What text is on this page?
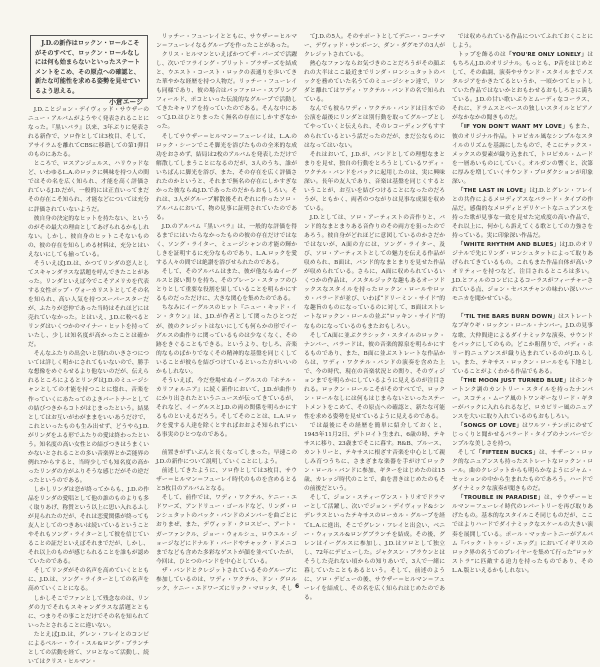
J.D.の新作はロックン・ロールこそがそのすべて、ロックン・ロールなしには何も始まらないといったステートメントをこめ、その原点への確認と、新たな可能性を求める姿勢を見せているよう思える。

小倉エージ

J.D.ことジョン・デイヴィッド・サウザーのニュー・アルバムがようやく発表されることになった。『黒いバラ』以来、3年ぶりに発表される新作で、ソロ作としては3枚目、そして、アサイラムを離れてCBSに移籍しての第1弾目のものにあたる。

ところで、ロスアンジェルス、ハリウッドなど、いわゆるL.A.のロックに興味を持つ人の間ではその名を広く知られ、才能を高く評価されているJ.D.だが、一般的には正直いってまだその存在こそ知られ、才能などについては充分に評価されていないようだ。

彼自身の決定的なヒットを持たない、というのがその最大の理由としてあげられるかもしれない。しかし、彼自身のヒットこそないものの、彼の存在を知らしめる材料は、充分とはいえないにしても揃っている。

そういえばJ.D.は、かつてリンダの恋人としてスキャンダラスな話題を呼んできたことがあった。リンダといえば今でこそアメリカを代表する女性ポップ・ヴォーカリストとしてその名を知られ、高い人気を持つスーパースターだが、ふたりが恋仲であった当時はそれほどには売れていなかった。とはいえ、J.D.に較べるとリンダはいくつかのマイナー・ヒットを持っていたし、少しは知名度が高かったことは確かだ。

そんなふたりの出会いと別れのいきさつについては詳しく明かにされてもいないので、勝手な想像をめぐらせるより他ないのだが、伝えられるところによるとリンダはJ.D.のミュージシャンとしての才能を持つことに惚れ、音楽を作っていくにあたってのよきパートナーとしての結びつきからコトがはじまったという。結果としてはお互いがわがままをいいあうだけで、これといったものも生み出せず、どうやらJ.D.がリンダをふる形でふたりの愛は終わったという。知名度の高い女性との結びつきはうまくいかないとされることの多い音楽界とか芸能界の例れ?からすると、当時少しでも知名度の高かったリンダの方がふりそうな感じだがその逆だったというのである。

しかしリンダは恋が終ってからも、J.D.の作品をリンダの愛唱として他の誰のものよりも多く取りあげ、称賛という以上に思い入れるふしが見られたのだが、それは恋愛関係が終っても友人としてのつきあいは続いているということやそれもソング・ライターとして彼を信じていることの証だといえばそれまでだが、しかし、それ以上のものが感じられることを誰もが認めていたのである。

そしてリンダがその名声を高めていくとともに、J.D.は、ソング・ライターとしての名声を高めていくことになる。

しかしそこでファンとして残念なのは、リンダの力でそれもスキャンダラスな話題とともに、つまりその事ことだけでその名を知られていったとされることに違いない。

たとえばJ.D.は、グレン・フレイとのコンビによるベルー・ウイ・スル&ロング・ブランチとしての活動を経て、ソロとなって活動し、続いてはクリス・ヒルマン・

リッチー・フューレイとともに、サウザー＝ヒルマン＝フューレイなるグループを作ったことがあった。

クリス・ヒルマンといえばかつてザ・バーズで活躍し、次いでフライング・ブリット・ブラザーズを結成と、ウエスト・コースト・ロックの表通りを歩いてきた華やかな経歴を持つ人物だ。リッチー・フューレイも同様であり、彼の場合はバッファロー・スプリングフィールド、ポコといった伝説的なグループで活動してきたキャリアを持っていたのである。そんな中にあってJ.D.はひとりまったく無名の存在にしかすぎなかった。

そしてサウザー＝ヒルマン＝フューレイは、L.A.のロック・シーンでこそ脚光を浴びたものの全米的な成功をおさめず、結局は2枚のアルバムを発表しただけで解散してしまうことになるのだが、3人のうち、誰がいちばんに脚光を浴び、また、その存在を広く評価されたのかというと、それまで無名の存在にしかすぎなかった彼ならぬJ.D.であったのだからおもしろい。それは、3人がグループ解散後それぞれに作ったソロ・アルバムにおいて、物の見事に証明されていたのである。

J.D.のアルバム『黒いバラ』は、一般的な評価を得るまでにはいたらなかったものの彼の存在だけではなく、ソング・ライター、ミュージシャンの才能の輝かしきを証明するに充分なものであり、L.A.ロックを愛する人々の間では絶讃を浴びせられたのである。

そして、そのアルバムはまた、彼が他ならぬイーグルスと深い関りを持ち、そのブレーン・スタッフのひとりとして重要な役割を果していることを明らかにするものだっただけに、大きな関心を集めたのである。

ちなみにイーグルスのヒット『ニュー・キッド・イン・タウン』は、J.D.が作者として関ったひとつだが、彼のクレジットはないにしても何らかの形でイーグルスの曲作りに関っているものは少なくなく、その跡をきぐることもできる。というより、むしろ、音楽的なものばかりでなくその精神的な基盤を同じくしていることが彼らを結びつけているといった方がいいのかもしれない。

そういえば、今だ登場せぬイーグルスの『ホテル・カリフォルニア』に続く新作において、J.D.が曲作りにかり出されたというニュースが伝ってきているが、それなど、イーグルスとJ.D.の両の関係を明らかにするものといえるだろう。そしてそのことは、L.A.ロックを愛する人達を除くとすればおおよそ知られずにいる事実のひとつなのである。

前置きがずいぶんと長くなってしまった。早速このJ.D.の新作について説明していくことにしよう。

前述してきたように、ソロ作としては3枚目、サウザー＝ヒルマン＝フューレイ時代のものを含めるとると5枚目のアルバムとなる。

そして、前作では、ワディ・ワクテル、ケニー・エドワーズ、アンドリュー・ゴールドなど、リンダ・ロンシュタットのバック・バンドのメンバーを曲ごとにおりまぜ、また、デヴィッド・クロスビー、アート・ガーファンクル、ジョー・ウォルシュ、ロウエル・ジョージなどにドナルド・バードやチャック・ドメニコまでなども含めた多彩なゲストが顔を並べていたが、今回は、ひとつのバンドを中心としている。

ザ・バンドとクレジットされているそのグループに参加しているのは、ワディ・ワクテル、ドン・グロルック、ケニー・エドワーズにリック・マロッタ、そし

てJ.D.の5人。そのサポートとしてデニー・コーチマー、デヴィッド・サンボーン、ダン・ダグモアの3人がクレジットされている。

熱心なファンならお気づきのことだろうがその顔ぶれの大半はここ最近までリンダ・ロンシュタットのバックを務めていた名うてのミュージシャン達で、リンダと離れてはワディ・ワクテル・バンドの名で知られている。

なんでも彼らワディ・ワクテル・バンドは日本での公演を最後にリンダとは別行動を取ってグループとしてやっていくと伝えられ、そのレコーディングもすすめられているという話だったのだが、まだ公なものにはなってはいない。

それはおいて、J.D.が、バンドとしての理想なまとまりを見せ、独自の行動をとろうとしているワディ・ワクテル・バンドをバックに起用したのは、実に興味深い。長年の友人であり、音楽は基盤を同じくするということが、お互いを結びつけることになったのだろうが、ともかく、両者のつながりは見事な成果を収めている。

J.D.としては、ソロ・アーティストの音作りと、バンド的なまとまりある音作りのその両方を狙ったのであろう。彼自身がどれほどに意図しているのかさだかではないが、A面の方には、ソング・ライター、及び、ソロ・アーティストとしての魅力を伝える作品が収められ、B面は、バンド的なまとまりを見せた作品が収められている。さらに、A面に収められているいくつかの作品は、ノスタルジックな趣もあるオーソドックスなスタイルを持ったロックン・ロールやロッカ・バラードが並び、いわば“ドリーミン・サイド”的な趣旨のものになっているのに対して、B面はストレートなロックン・ロールの並ぶ“ロッキン・サイド”的なものになっているのもまたおもしろい。

そしてA面に並ぶクラシック・スタイルのロック・ナンバー、バラードは、彼の音楽的源泉を明らかにするものであり、また、B面に並ぶストレートな作品からは、ワディ・ワクテル・バンドの演奏を含めた上で、今の時代、現在の音楽状況との関り、そのヴィジョンまでを明らかにしているように見えるのが注目される。ロックン・ロールこそがそのすべてで、ロックン・ロールなしには何もはじまらないといったステートメントをこめて、その原点への確認と、新たな可能性を求める姿勢を見せているように見えるのである。

では最後にその経歴を簡単に紹介しておくと、1945年11月2日、デトロイト生まれ、6歳の時、テキサスに移り、23歳までそこに暮す。R&B、ブルース、カントリーと、テキサスに根ざす音楽を中心として親しみ育つうちに、さまざまな楽器を手がけてロックン・ロール・バンドに参加、ギターをはじめたのは15歳、カレッジ時代のことで、曲を書きはじめたのもその前後だという。

そして、ジョン・スティーヴンス・トリオでドラマーとして活躍し、次いでジョン・デイヴィッド&シンデレラスといったテキサスのローカル・グループを経てL.A.に進出、そこでグレン・フレイと出会い、ベニー・ウィッスル&ロングブランチを結成。その後、グレンはイーグルスに参加し、J.D.はソロとして独立し、72年にデビューした。ジャクスン・ブラウンとはそうした売れない頃からの知りあいで、3人で一緒に暮していたこともあるという。そして、前述のように、ソロ・デビューの後、サウザー＝ヒルマン＝フューレイを結成し、その名を広く知られはじめたのである。

では収められている作品についてふれておくことにしよう。

トップを飾るのは「YOU'RE ONLY LONELY」はもちろんJ.D.のオリジナル。もっとも、P音をはじめとして、その曲調、演奏やサウンド・スタイルまでノスタルジアをかきたてるというか、一頃かつてヒットしていた作品ではないかとおもわせるおもしろさに満ちている。J.D.の甘い歌いぶりとムーディなコーラス、それに、ドラムスとベースの独しいスタイルとピアノがなかなかの聞きものだ。

「IF YON DON'T WANT MY LOVE」もまた、彼のオリジナル作品。トロピカル風なシンプルなスタイルのリズムを基調にしたもので、そこにテックス・メックスの要素が織り込まれて、トロピカル・ムードを一層あいものにしていく。オルガンの響くと、次第に厚みを増していくサウンド・プロダクションが印象深い。

「THE LAST IN LOVE」はJ.D.とグレン・フレイとの共作によるメロディアスなバラード・タイプの作品だ。感傷的なメロディとデリケートなニュアンスを持った歌が見事な一致を見せた完成度の高い作品で、それ以上に、何かしら訴えてくる歌としての力強さを持っている。実に印象深い作品だ。

「WHITE RHYTHM AND BLUES」はJ.D.のオリジナルで先にリンダ・ロンシュタットによって取りあげられてきているもの。これもまた作品自体が高いクオリティーを持つなど、注目されるところは多い。J.D.とフィルのコンビによるコーラスがフィーチャーされている点、ジョン・セバスチャンの味わい深いハーモニカを聞かせている。

「'TIL THE BARS BURN DOWN」はストレートなブギウギ・ロックン・ロール・ナンバー。J.D.の見事な歌、大仲間達によるダイナミックな演奏、サウンドをバックにしてのもの。どこか粗削りで、バディ・ホリー的ニュアンスが織り込まれているのがJ.D.らしい。また、テキサス・ロックン・ロールをも下地としていることがよくわかる作品でもある。

「THE MOON JUST TURNED BLUE」はホンキートンク調のカントリー・スタイルを持ったナンバー。スコティ・ムーア風のトワンギーなリード・ギターがバックに入れられるなど、ロカビリー風のニュアンスを大いに取り入れているのもおもしろい。

「SONGS OF LOVE」はワルツ・テンポにのせてじっくりと聞かせるバラード・タイプのナンバーでシンプルな美しさを持つ。

そして「FIFTEEN BUCKS」は、サザーン・ロック的なニュアンスも持ったストレートなロックン・ロール。曲のクレジットからも明らかなようにジャム・セッションの中から生まれたものであろう。ハードでダイナミックな演奏が聞きものだ。

「TROUBLE IN PARADISE」は、サウザー＝ヒルマン＝フューレイ時代のレパートリーを再び取りあげたもの。基本的なスタイルこそ同じものだが、ここではよりハードでダイナミックなスケールの大きい演奏を展開している。ポール・マッカートニーがアルバム『バック・トゥ・ジ・エッグ』においてイギリスのロック界の名うてのプレイヤーを集めて行った“ロッケストラ”に匹敵する迫力を持ったものであり、そのL.A.版といえるかもしれない。

6
